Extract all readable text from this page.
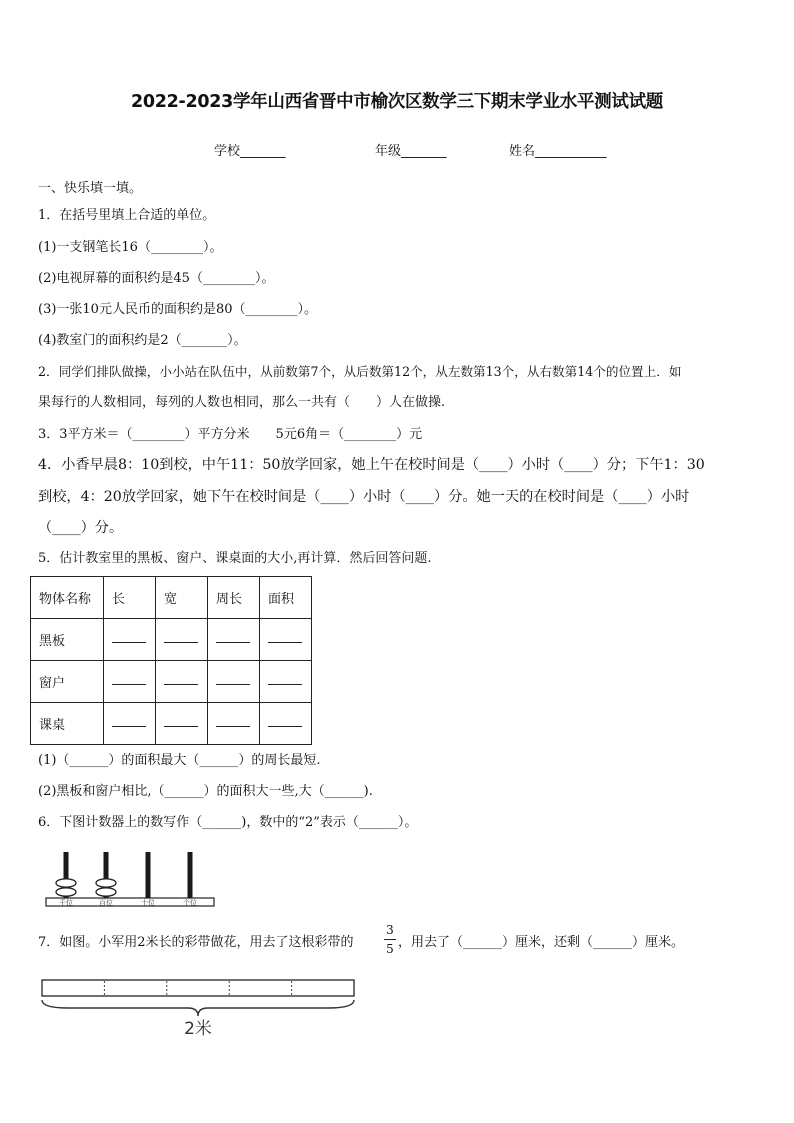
2022-2023学年山西省晋中市榆次区数学三下期末学业水平测试试题
学校_______	年级_______	姓名___________
一、快乐填一填。
1．在括号里填上合适的单位。
(1)一支钢笔长16（________）。
(2)电视屏幕的面积约是45（________）。
(3)一张10元人民币的面积约是80（________）。
(4)教室门的面积约是2（_______）。
2．同学们排队做操，小小站在队伍中，从前数第7个，从后数第12个，从左数第13个，从右数第14个的位置上．如
果每行的人数相同，每列的人数也相同，那么一共有（　　）人在做操.
3．3平方米＝（________）平方分米　　5元6角＝（________）元
4．小香早晨8：10到校，中午11：50放学回家，她上午在校时间是（____）小时（____）分；下午1：30
到校，4：20放学回家，她下午在校时间是（____）小时（____）分。她一天的在校时间是（____）小时
（____）分。
5．估计教室里的黑板、窗户、课桌面的大小,再计算．然后回答问题.
物体名称	长	宽	周长	面积
黑板				
窗户				
课桌				
(1)（______）的面积最大（______）的周长最短.
(2)黑板和窗户相比,（______）的面积大一些,大（______).
6．下图计数器上的数写作（______)，数中的“2”表示（______）。
千位	百位	十位	个位
7．如图。小军用2米长的彩带做花，用去了这根彩带的
3
5 ，用去了（______）厘米，还剩（______）厘米。
2米
